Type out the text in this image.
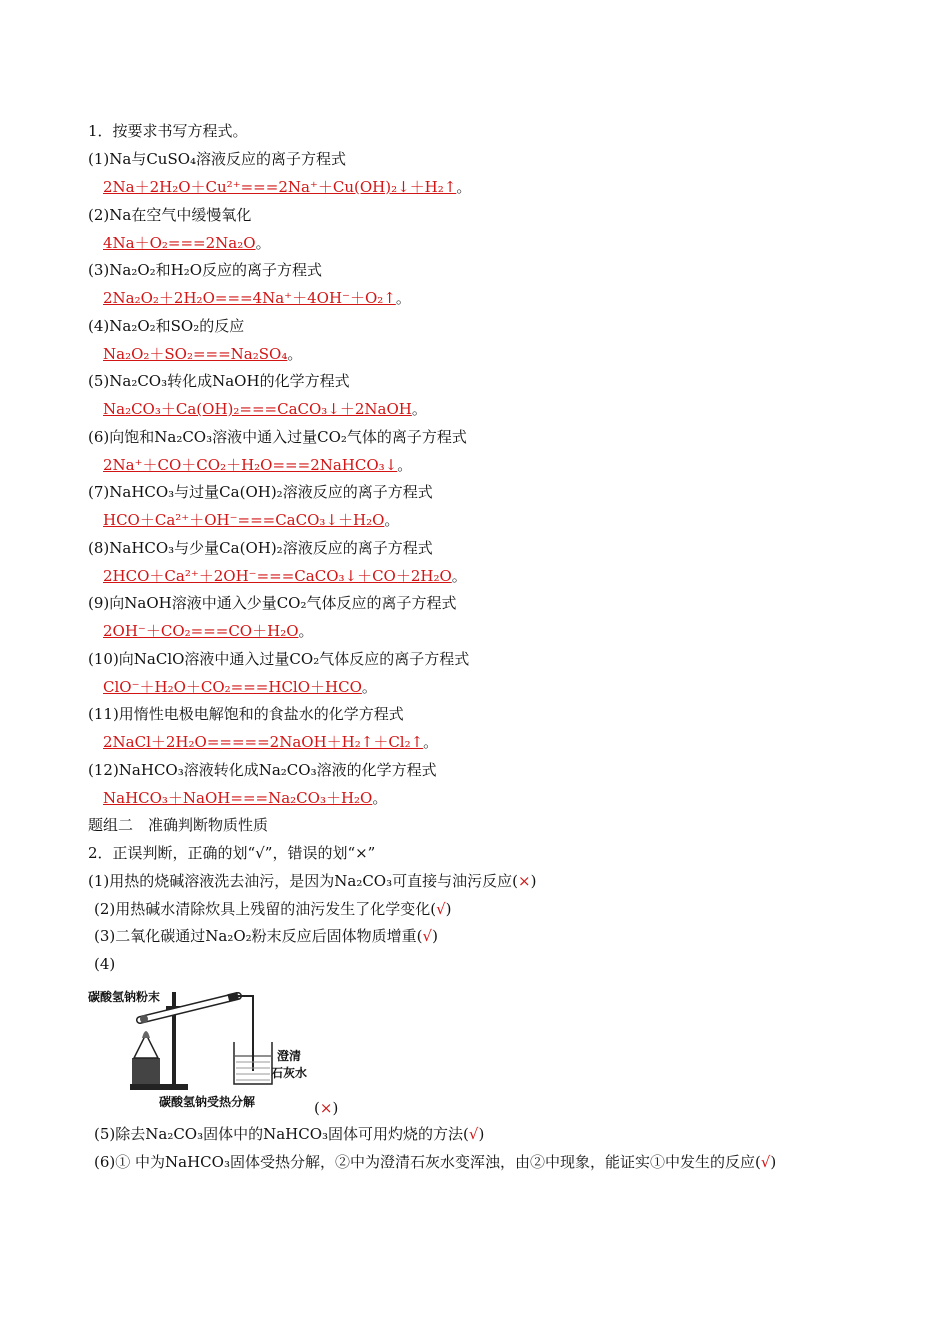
1．按要求书写方程式。
(1)Na与CuSO₄溶液反应的离子方程式
2Na＋2H₂O＋Cu²⁺===2Na⁺＋Cu(OH)₂↓＋H₂↑。
(2)Na在空气中缓慢氧化
4Na＋O₂===2Na₂O。
(3)Na₂O₂和H₂O反应的离子方程式
2Na₂O₂＋2H₂O===4Na⁺＋4OH⁻＋O₂↑。
(4)Na₂O₂和SO₂的反应
Na₂O₂＋SO₂===Na₂SO₄。
(5)Na₂CO₃转化成NaOH的化学方程式
Na₂CO₃＋Ca(OH)₂===CaCO₃↓＋2NaOH。
(6)向饱和Na₂CO₃溶液中通入过量CO₂气体的离子方程式
2Na⁺＋CO＋CO₂＋H₂O===2NaHCO₃↓。
(7)NaHCO₃与过量Ca(OH)₂溶液反应的离子方程式
HCO＋Ca²⁺＋OH⁻===CaCO₃↓＋H₂O。
(8)NaHCO₃与少量Ca(OH)₂溶液反应的离子方程式
2HCO＋Ca²⁺＋2OH⁻===CaCO₃↓＋CO＋2H₂O。
(9)向NaOH溶液中通入少量CO₂气体反应的离子方程式
2OH⁻＋CO₂===CO＋H₂O。
(10)向NaClO溶液中通入过量CO₂气体反应的离子方程式
ClO⁻＋H₂O＋CO₂===HClO＋HCO。
(11)用惰性电极电解饱和的食盐水的化学方程式
2NaCl＋2H₂O=====2NaOH＋H₂↑＋Cl₂↑。
(12)NaHCO₃溶液转化成Na₂CO₃溶液的化学方程式
NaHCO₃＋NaOH===Na₂CO₃＋H₂O。
题组二　准确判断物质性质
2．正误判断，正确的划“√”，错误的划“×”
(1)用热的烧碱溶液洗去油污，是因为Na₂CO₃可直接与油污反应(×)
(2)用热碱水清除炊具上残留的油污发生了化学变化(√)
(3)二氧化碳通过Na₂O₂粉末反应后固体物质增重(√)
(4)
碳酸氢钠粉末
澄清
石灰水
碳酸氢钠受热分解	(×)
(5)除去Na₂CO₃固体中的NaHCO₃固体可用灼烧的方法(√)
(6)① 中为NaHCO₃固体受热分解，②中为澄清石灰水变浑浊，由②中现象，能证实①中发生的反应(√)
